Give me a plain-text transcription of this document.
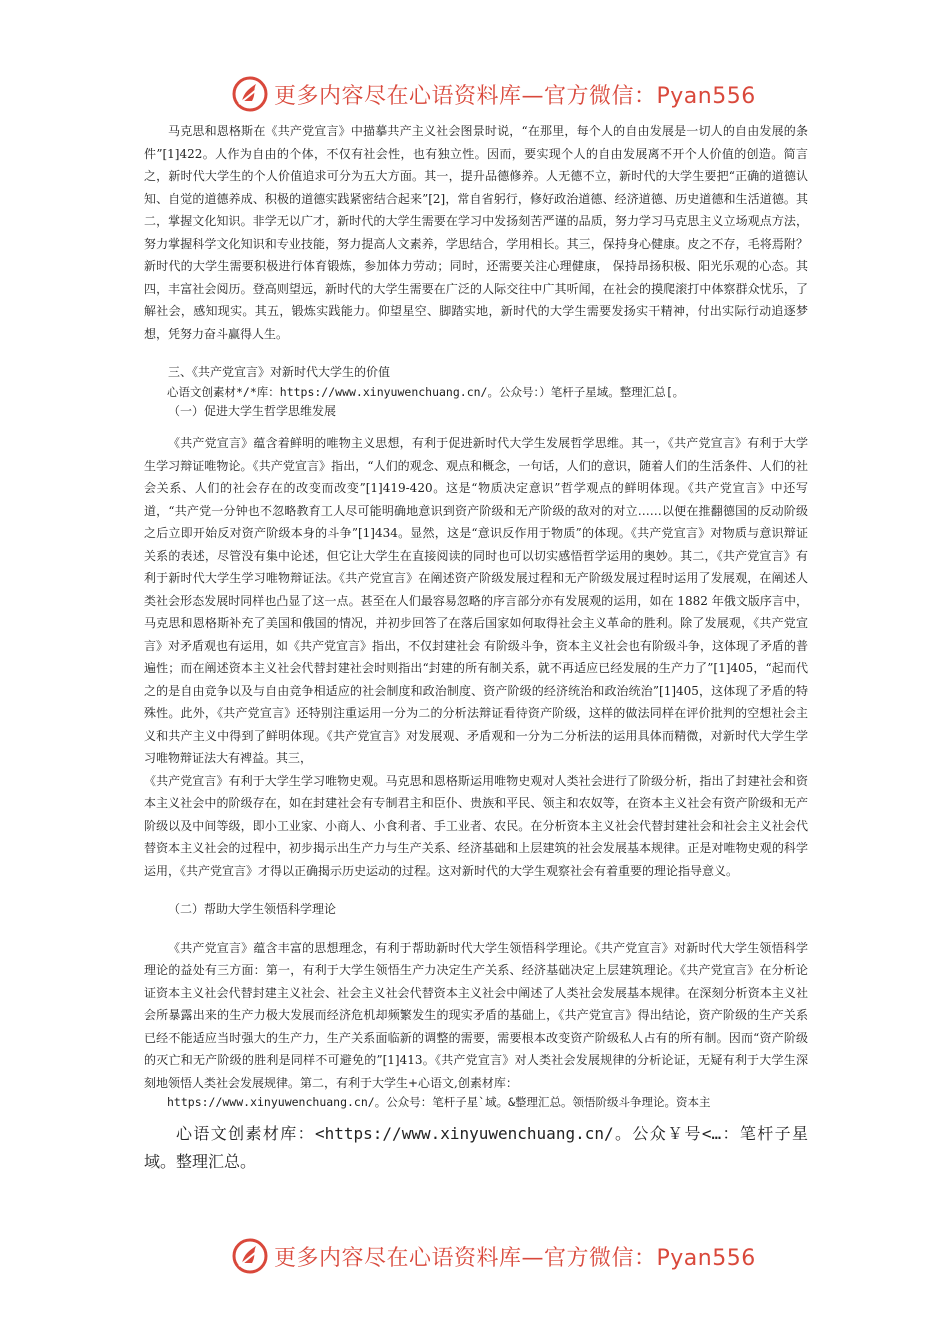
更多内容尽在心语资料库—官方微信：Pyan556

马克思和恩格斯在《共产党宣言》中描摹共产主义社会图景时说，“在那里，每个人的自由发展是一切人的自由发展的条件”[1]422。人作为自由的个体，不仅有社会性，也有独立性。因而，要实现个人的自由发展离不开个人价值的创造。简言之，新时代大学生的个人价值追求可分为五大方面。其一，提升品德修养。人无德不立，新时代的大学生要把“正确的道德认知、自觉的道德养成、积极的道德实践紧密结合起来”[2]，常自省躬行，修好政治道德、经济道德、历史道德和生活道德。其二，掌握文化知识。非学无以广才，新时代的大学生需要在学习中发扬刻苦严谨的品质，努力学习马克思主义立场观点方法，努力掌握科学文化知识和专业技能，努力提高人文素养，学思结合，学用相长。其三，保持身心健康。皮之不存，毛将焉附？新时代的大学生需要积极进行体育锻炼，参加体力劳动；同时，还需要关注心理健康， 保持昂扬积极、阳光乐观的心态。其四，丰富社会阅历。登高则望远，新时代的大学生需要在广泛的人际交往中广其听闻，在社会的摸爬滚打中体察群众忧乐，了解社会，感知现实。其五，锻炼实践能力。仰望星空、脚踏实地，新时代的大学生需要发扬实干精神，付出实际行动追逐梦想，凭努力奋斗赢得人生。

三、《共产党宣言》对新时代大学生的价值

心语文创素材*/*库：https://www.xinyuwenchuang.cn/。公众号：）笔杆子星域。整理汇总[。

（一）促进大学生哲学思维发展

《共产党宣言》蕴含着鲜明的唯物主义思想，有利于促进新时代大学生发展哲学思维。其一，《共产党宣言》有利于大学生学习辩证唯物论。《共产党宣言》指出，“人们的观念、观点和概念，一句话，人们的意识，随着人们的生活条件、人们的社会关系、人们的社会存在的改变而改变”[1]419-420。这是“物质决定意识”哲学观点的鲜明体现。《共产党宣言》中还写道，“共产党一分钟也不忽略教育工人尽可能明确地意识到资产阶级和无产阶级的敌对的对立……以便在推翻德国的反动阶级之后立即开始反对资产阶级本身的斗争”[1]434。显然，这是“意识反作用于物质”的体现。《共产党宣言》对物质与意识辩证关系的表述，尽管没有集中论述，但它让大学生在直接阅读的同时也可以切实感悟哲学运用的奥妙。其二，《共产党宣言》有利于新时代大学生学习唯物辩证法。《共产党宣言》在阐述资产阶级发展过程和无产阶级发展过程时运用了发展观，在阐述人类社会形态发展时同样也凸显了这一点。甚至在人们最容易忽略的序言部分亦有发展观的运用，如在 1882 年俄文版序言中，马克思和恩格斯补充了美国和俄国的情况，并初步回答了在落后国家如何取得社会主义革命的胜利。除了发展观，《共产党宣言》对矛盾观也有运用，如《共产党宣言》指出，不仅封建社会 有阶级斗争，资本主义社会也有阶级斗争，这体现了矛盾的普遍性；而在阐述资本主义社会代替封建社会时则指出“封建的所有制关系，就不再适应已经发展的生产力了”[1]405，“起而代之的是自由竞争以及与自由竞争相适应的社会制度和政治制度、资产阶级的经济统治和政治统治”[1]405，这体现了矛盾的特殊性。此外，《共产党宣言》还特别注重运用一分为二的分析法辩证看待资产阶级，这样的做法同样在评价批判的空想社会主义和共产主义中得到了鲜明体现。《共产党宣言》对发展观、矛盾观和一分为二分析法的运用具体而精微，对新时代大学生学习唯物辩证法大有裨益。其三，

《共产党宣言》有利于大学生学习唯物史观。马克思和恩格斯运用唯物史观对人类社会进行了阶级分析，指出了封建社会和资本主义社会中的阶级存在，如在封建社会有专制君主和臣仆、贵族和平民、领主和农奴等，在资本主义社会有资产阶级和无产阶级以及中间等级，即小工业家、小商人、小食利者、手工业者、农民。在分析资本主义社会代替封建社会和社会主义社会代替资本主义社会的过程中，初步揭示出生产力与生产关系、经济基础和上层建筑的社会发展基本规律。正是对唯物史观的科学运用，《共产党宣言》才得以正确揭示历史运动的过程。这对新时代的大学生观察社会有着重要的理论指导意义。

（二）帮助大学生领悟科学理论

《共产党宣言》蕴含丰富的思想理念，有利于帮助新时代大学生领悟科学理论。《共产党宣言》对新时代大学生领悟科学理论的益处有三方面：第一，有利于大学生领悟生产力决定生产关系、经济基础决定上层建筑理论。《共产党宣言》在分析论证资本主义社会代替封建主义社会、社会主义社会代替资本主义社会中阐述了人类社会发展基本规律。在深刻分析资本主义社会所暴露出来的生产力极大发展而经济危机却频繁发生的现实矛盾的基础上，《共产党宣言》得出结论，资产阶级的生产关系已经不能适应当时强大的生产力，生产关系面临新的调整的需要，需要根本改变资产阶级私人占有的所有制。因而“资产阶级的灭亡和无产阶级的胜利是同样不可避免的”[1]413。《共产党宣言》对人类社会发展规律的分析论证，无疑有利于大学生深刻地领悟人类社会发展规律。第二，有利于大学生+心语文,创素材库：

https://www.xinyuwenchuang.cn/。公众号：笔杆子星`域。&整理汇总。领悟阶级斗争理论。资本主

心语文创素材库：<https://www.xinyuwenchuang.cn/。公众￥号<…：笔杆子星域。整理汇总。

更多内容尽在心语资料库—官方微信：Pyan556
